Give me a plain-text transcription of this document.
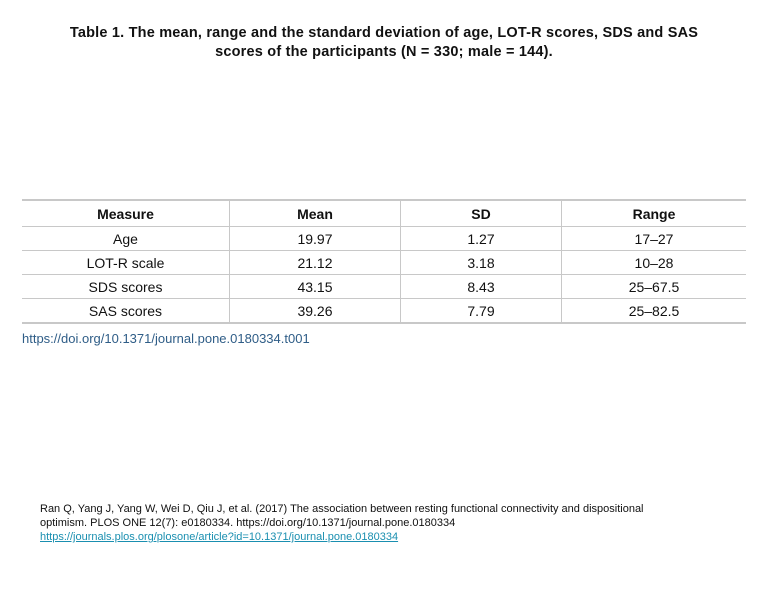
Table 1. The mean, range and the standard deviation of age, LOT-R scores, SDS and SAS
scores of the participants (N = 330; male = 144).
Measure	Mean	SD	Range
Age	19.97	1.27	17–27
LOT-R scale	21.12	3.18	10–28
SDS scores	43.15	8.43	25–67.5
SAS scores	39.26	7.79	25–82.5
https://doi.org/10.1371/journal.pone.0180334.t001
Ran Q, Yang J, Yang W, Wei D, Qiu J, et al. (2017) The association between resting functional connectivity and dispositional
optimism. PLOS ONE 12(7): e0180334. https://doi.org/10.1371/journal.pone.0180334
https://journals.plos.org/plosone/article?id=10.1371/journal.pone.0180334
